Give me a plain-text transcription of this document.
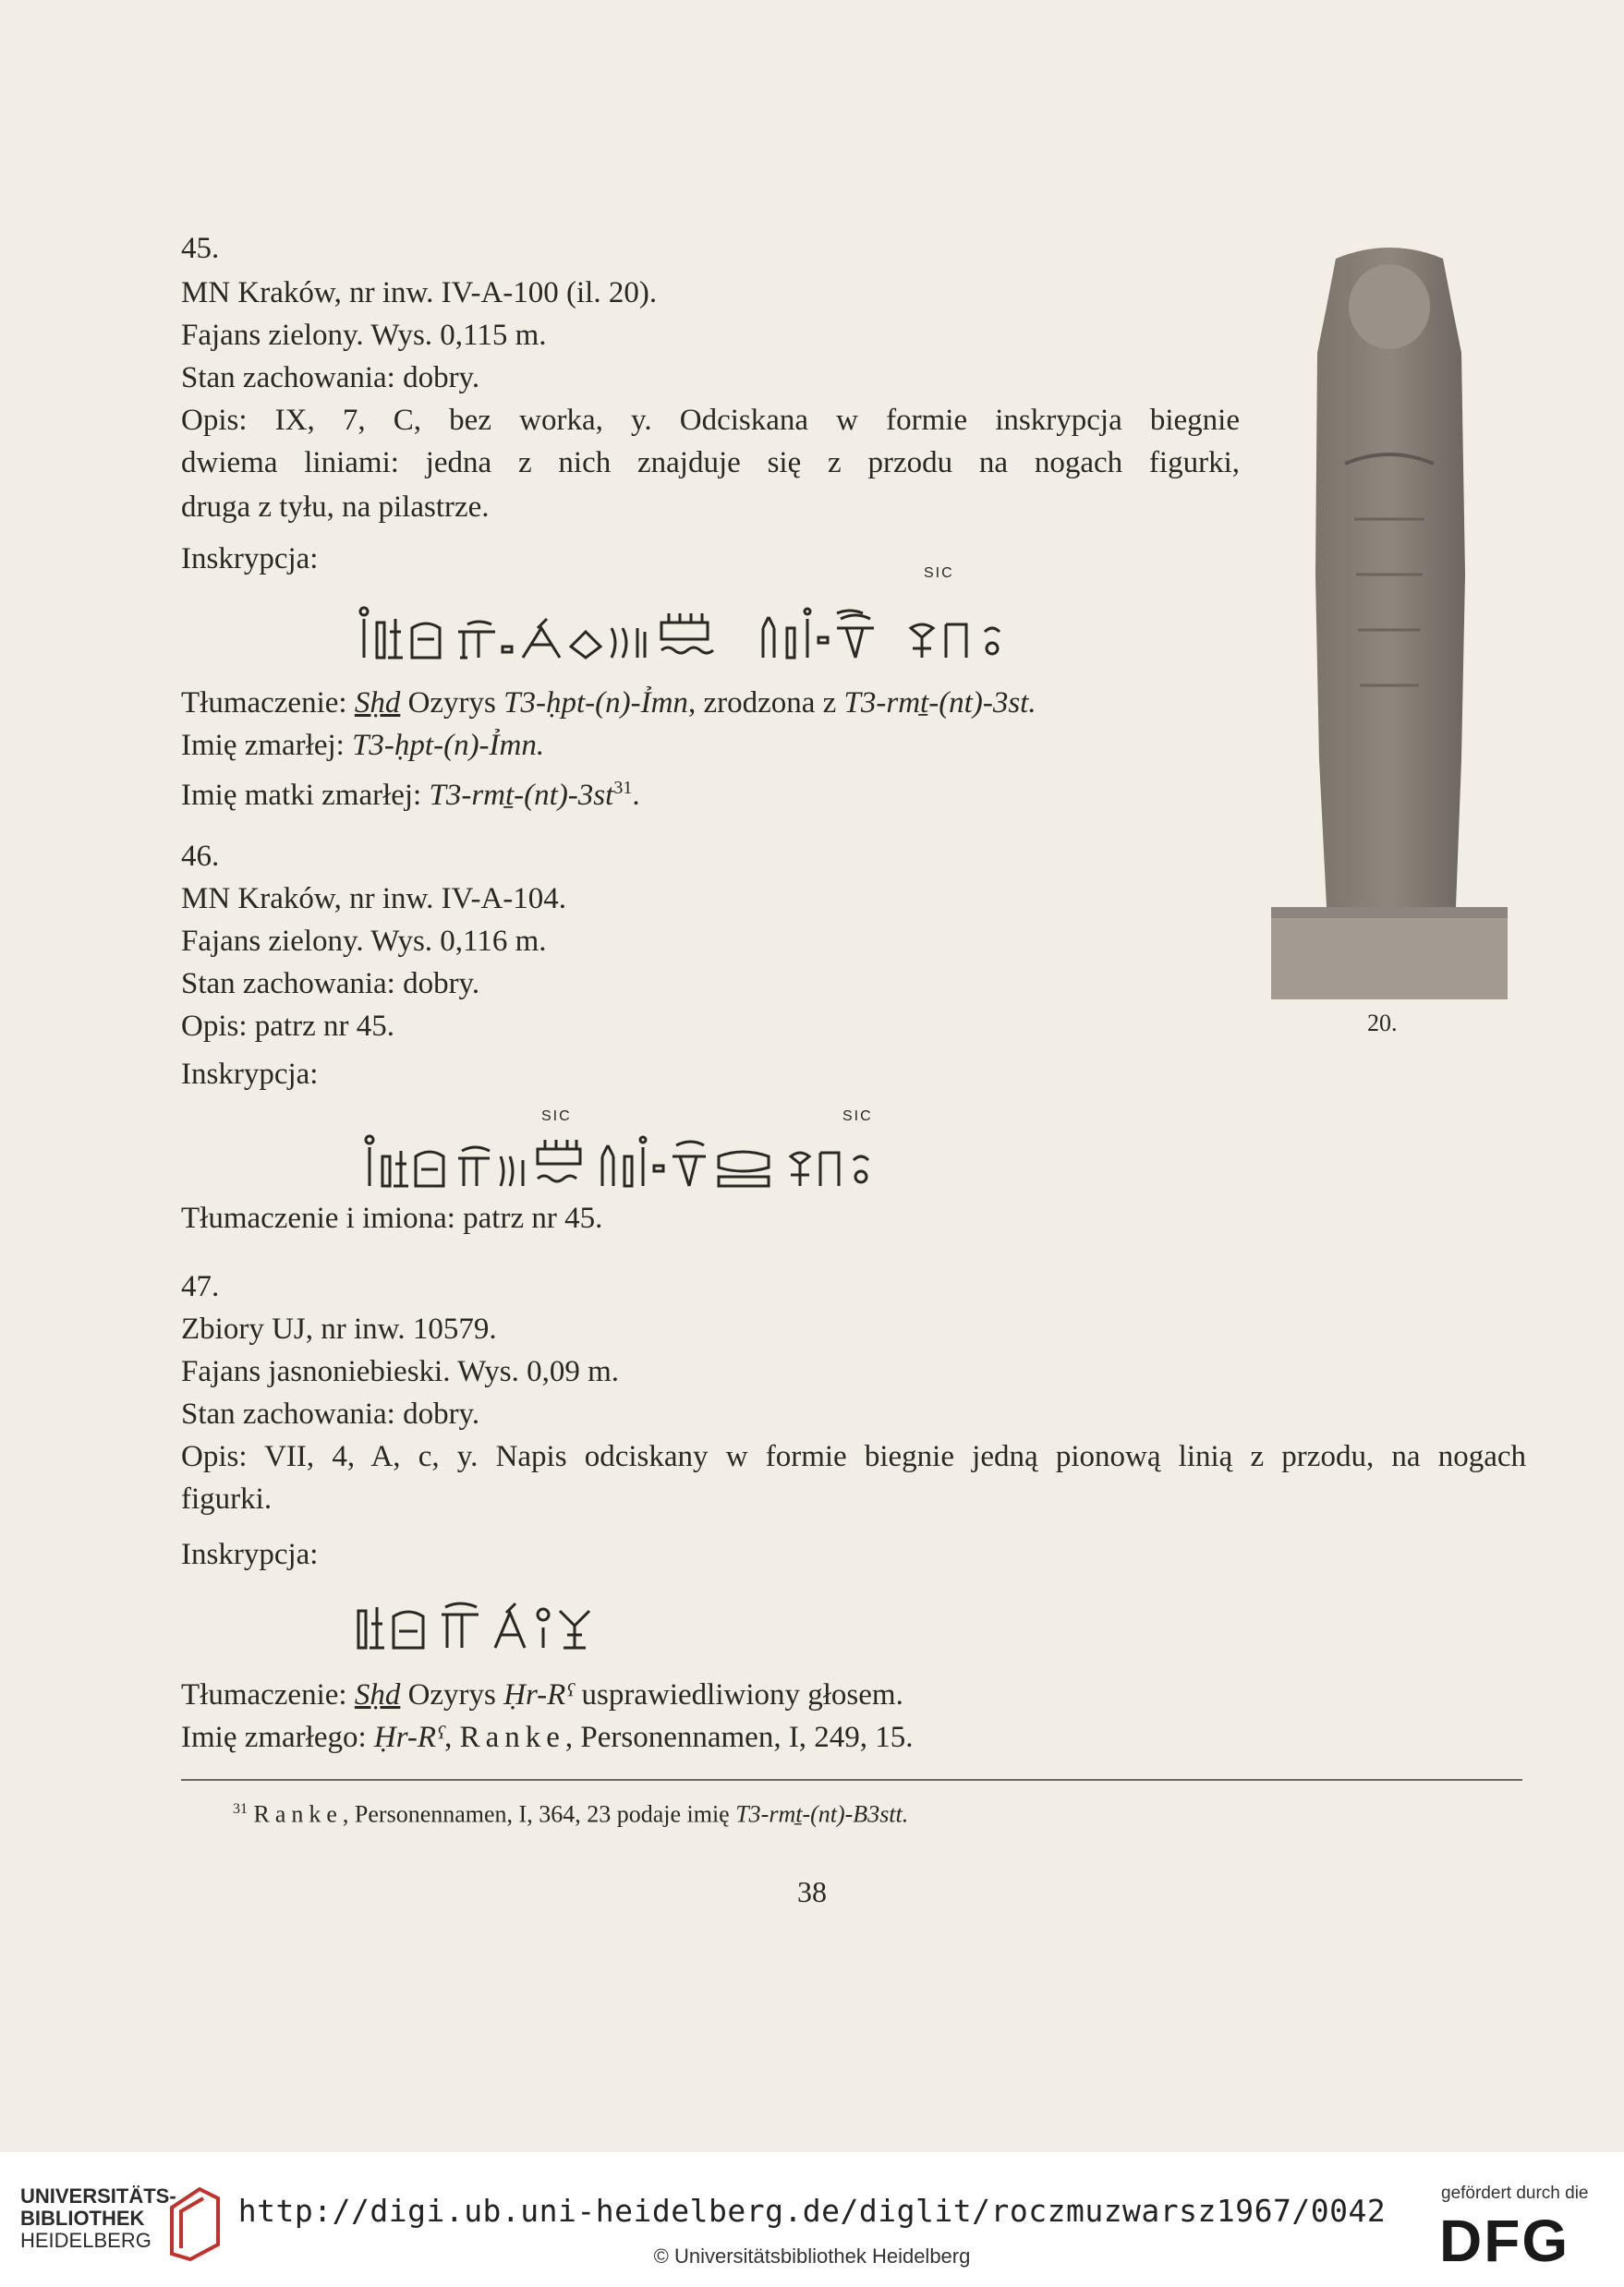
45.
MN Kraków, nr inw. IV-A-100 (il. 20).
Fajans zielony. Wys. 0,115 m.
Stan zachowania: dobry.
Opis: IX, 7, C, bez worka, y. Odciskana w formie inskrypcja biegnie
dwiema liniami: jedna z nich znajduje się z przodu na nogach figurki,
druga z tyłu, na pilastrze.
Inskrypcja:	SIC
Tłumaczenie: Sḥd Ozyrys T3-ḥpt-(n)-Ỉmn, zrodzona z T3-rmṯ-(nt)-3st.
Imię zmarłej: T3-ḥpt-(n)-Ỉmn.
Imię matki zmarłej: $T3-rmṯ-(nt)-3st^{31}$.
46.
MN Kraków, nr inw. IV-A-104.
Fajans zielony. Wys. 0,116 m.
Stan zachowania: dobry.
Opis: patrz nr 45.
Inskrypcja:
SIC	SIC
Tłumaczenie i imiona: patrz nr 45.
47.
Zbiory UJ, nr inw. 10579.
Fajans jasnoniebieski. Wys. 0,09 m.
Stan zachowania: dobry.
Opis: VII, 4, A, c, y. Napis odciskany w formie biegnie jedną pionową linią z przodu, na nogach
figurki.
Inskrypcja:
Tłumaczenie: Sḥd Ozyrys Ḥr-Rˁ usprawiedliwiony głosem.
Imię zmarłego: Ḥr-Rˁ, Ranke, Personennamen, I, 249, 15.
20.
$^{31}$ Ranke, Personennamen, I, 364, 23 podaje imię T3-rmṯ-(nt)-B3stt.
38
UNIVERSITÄTS-
BIBLIOTHEK
HEIDELBERG
http://digi.ub.uni-heidelberg.de/diglit/roczmuzwarsz1967/0042
© Universitätsbibliothek Heidelberg
gefördert durch die
DFG
